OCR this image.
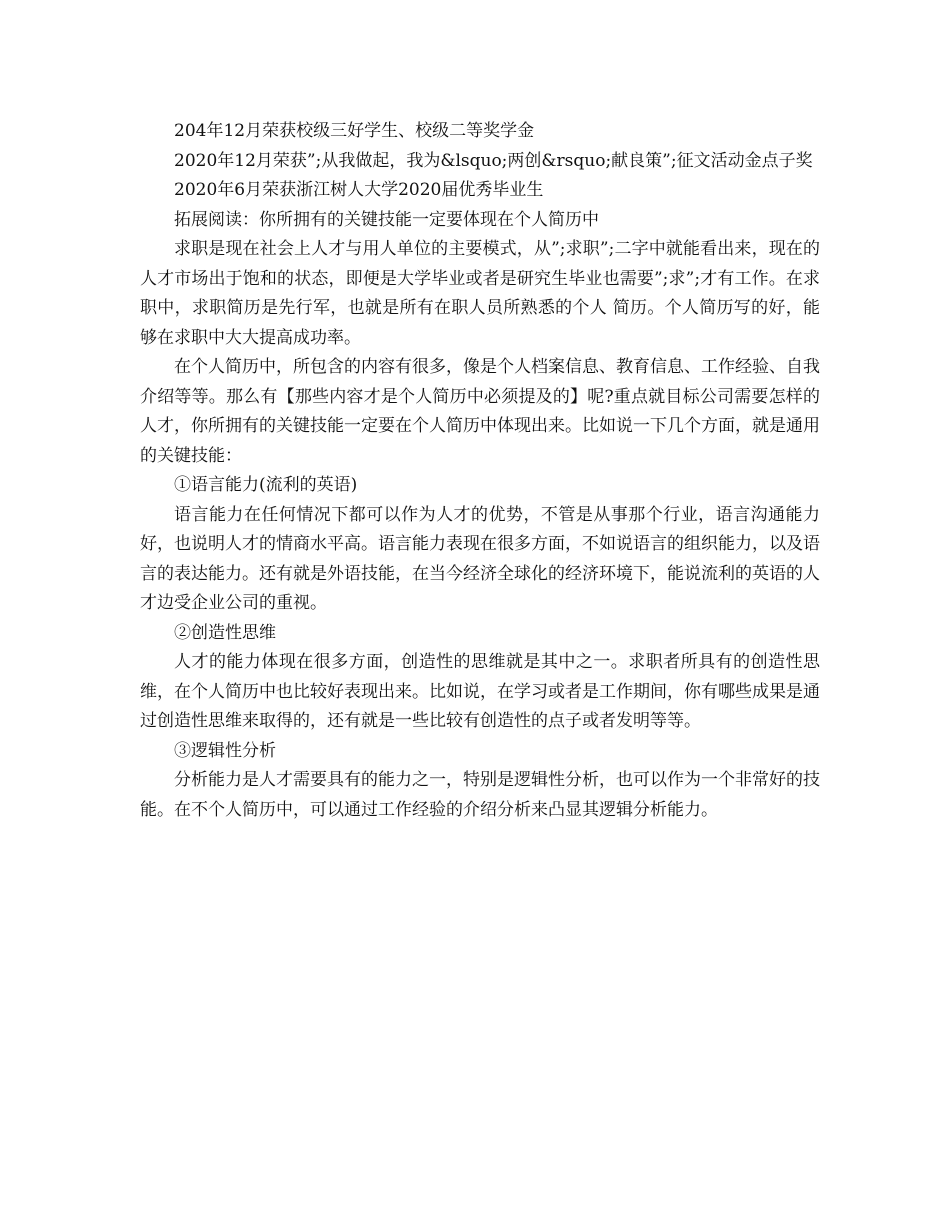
204年12月荣获校级三好学生、校级二等奖学金

2020年12月荣获”;从我做起，我为&lsquo;两创&rsquo;献良策”;征文活动金点子奖

2020年6月荣获浙江树人大学2020届优秀毕业生

拓展阅读：你所拥有的关键技能一定要体现在个人简历中

求职是现在社会上人才与用人单位的主要模式，从”;求职”;二字中就能看出来，现在的人才市场出于饱和的状态，即便是大学毕业或者是研究生毕业也需要”;求”;才有工作。在求职中，求职简历是先行军，也就是所有在职人员所熟悉的个人 简历。个人简历写的好，能够在求职中大大提高成功率。

在个人简历中，所包含的内容有很多，像是个人档案信息、教育信息、工作经验、自我介绍等等。那么有【那些内容才是个人简历中必须提及的】呢?重点就目标公司需要怎样的人才，你所拥有的关键技能一定要在个人简历中体现出来。比如说一下几个方面，就是通用的关键技能：

①语言能力(流利的英语)

语言能力在任何情况下都可以作为人才的优势，不管是从事那个行业，语言沟通能力好，也说明人才的情商水平高。语言能力表现在很多方面，不如说语言的组织能力，以及语言的表达能力。还有就是外语技能，在当今经济全球化的经济环境下，能说流利的英语的人才边受企业公司的重视。

②创造性思维

人才的能力体现在很多方面，创造性的思维就是其中之一。求职者所具有的创造性思维，在个人简历中也比较好表现出来。比如说，在学习或者是工作期间，你有哪些成果是通过创造性思维来取得的，还有就是一些比较有创造性的点子或者发明等等。

③逻辑性分析

分析能力是人才需要具有的能力之一，特别是逻辑性分析，也可以作为一个非常好的技能。在不个人简历中，可以通过工作经验的介绍分析来凸显其逻辑分析能力。
